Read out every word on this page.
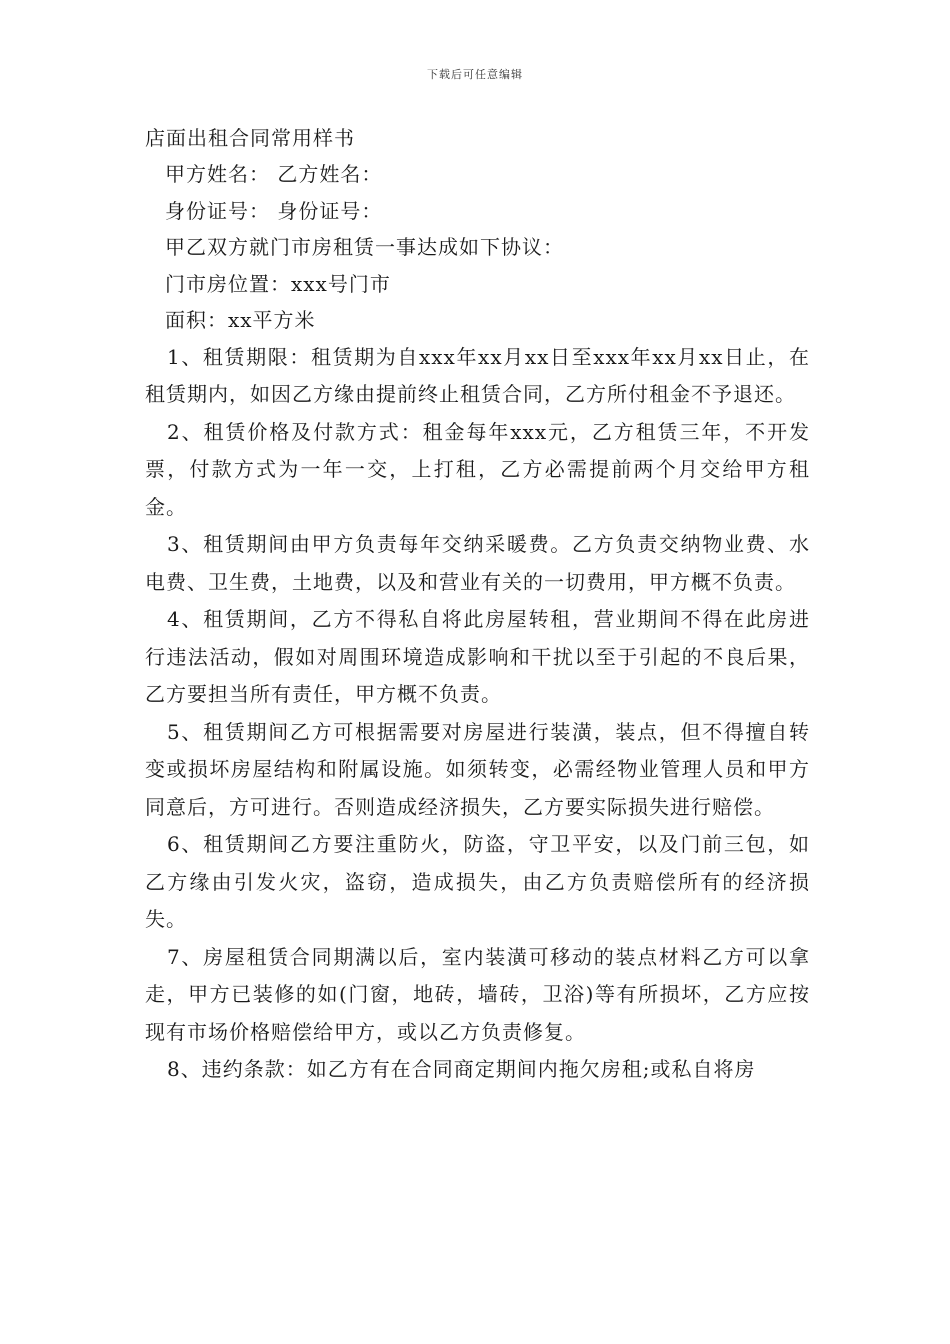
下载后可任意编辑
店面出租合同常用样书
甲方姓名： 乙方姓名：
身份证号： 身份证号：
甲乙双方就门市房租赁一事达成如下协议：
门市房位置：xxx号门市
面积：xx平方米

1、租赁期限：租赁期为自xxx年xx月xx日至xxx年xx月xx日止，在租赁期内，如因乙方缘由提前终止租赁合同，乙方所付租金不予退还。

2、租赁价格及付款方式：租金每年xxx元，乙方租赁三年，不开发票，付款方式为一年一交，上打租，乙方必需提前两个月交给甲方租金。

3、租赁期间由甲方负责每年交纳采暖费。乙方负责交纳物业费、水电费、卫生费，土地费，以及和营业有关的一切费用，甲方概不负责。

4、租赁期间，乙方不得私自将此房屋转租，营业期间不得在此房进行违法活动，假如对周围环境造成影响和干扰以至于引起的不良后果，乙方要担当所有责任，甲方概不负责。

5、租赁期间乙方可根据需要对房屋进行装潢，装点，但不得擅自转变或损坏房屋结构和附属设施。如须转变，必需经物业管理人员和甲方同意后，方可进行。否则造成经济损失，乙方要实际损失进行赔偿。

6、租赁期间乙方要注重防火，防盗，守卫平安，以及门前三包，如乙方缘由引发火灾，盗窃，造成损失，由乙方负责赔偿所有的经济损失。

7、房屋租赁合同期满以后，室内装潢可移动的装点材料乙方可以拿走，甲方已装修的如(门窗，地砖，墙砖，卫浴)等有所损坏，乙方应按现有市场价格赔偿给甲方，或以乙方负责修复。

8、违约条款：如乙方有在合同商定期间内拖欠房租;或私自将房
